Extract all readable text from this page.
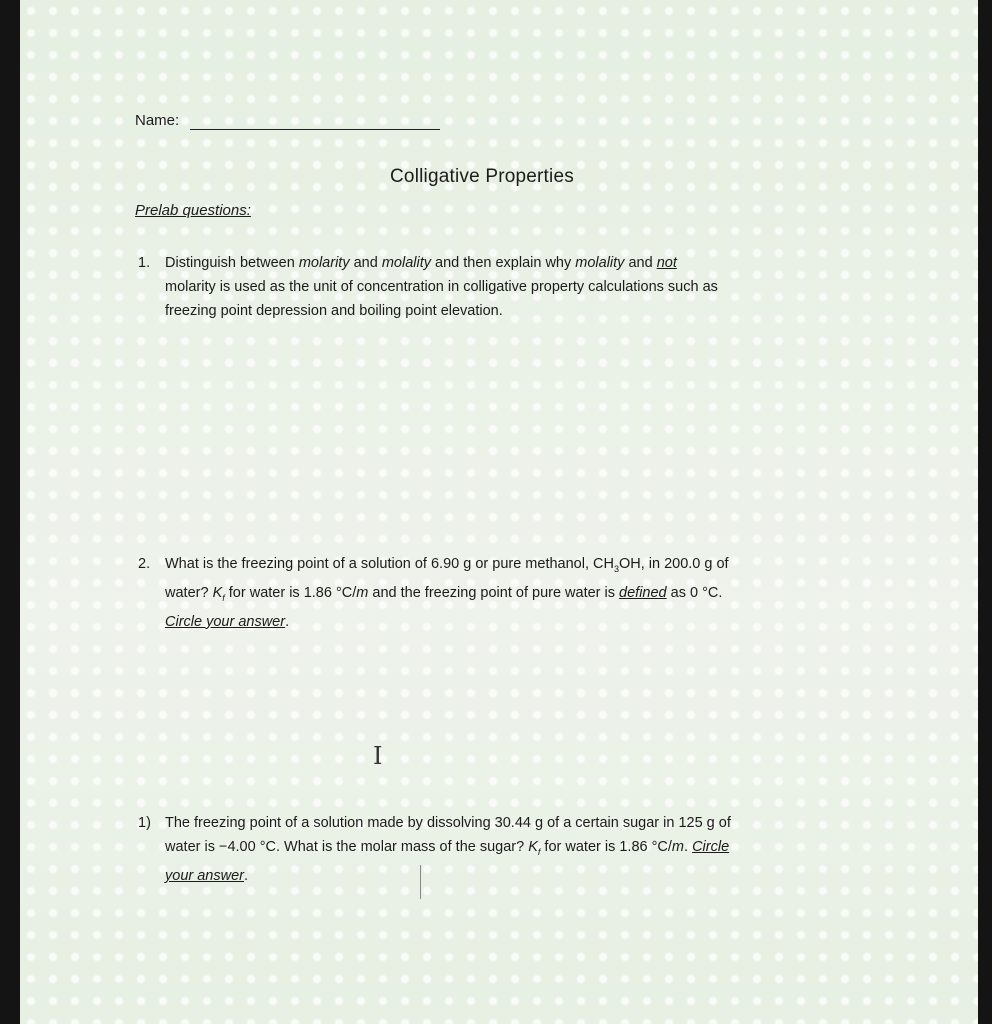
Name:
Colligative Properties
Prelab questions:
1. Distinguish between molarity and molality and then explain why molality and not
molarity is used as the unit of concentration in colligative property calculations such as
freezing point depression and boiling point elevation.
2. What is the freezing point of a solution of 6.90 g or pure methanol, $CH_3OH$, in 200.0 g of
water? $K_f$ for water is 1.86 °C/m and the freezing point of pure water is defined as 0 °C.
Circle your answer.
I
1) The freezing point of a solution made by dissolving 30.44 g of a certain sugar in 125 g of
water is −4.00 °C. What is the molar mass of the sugar? $K_f$ for water is 1.86 °C/m. Circle
your answer.
